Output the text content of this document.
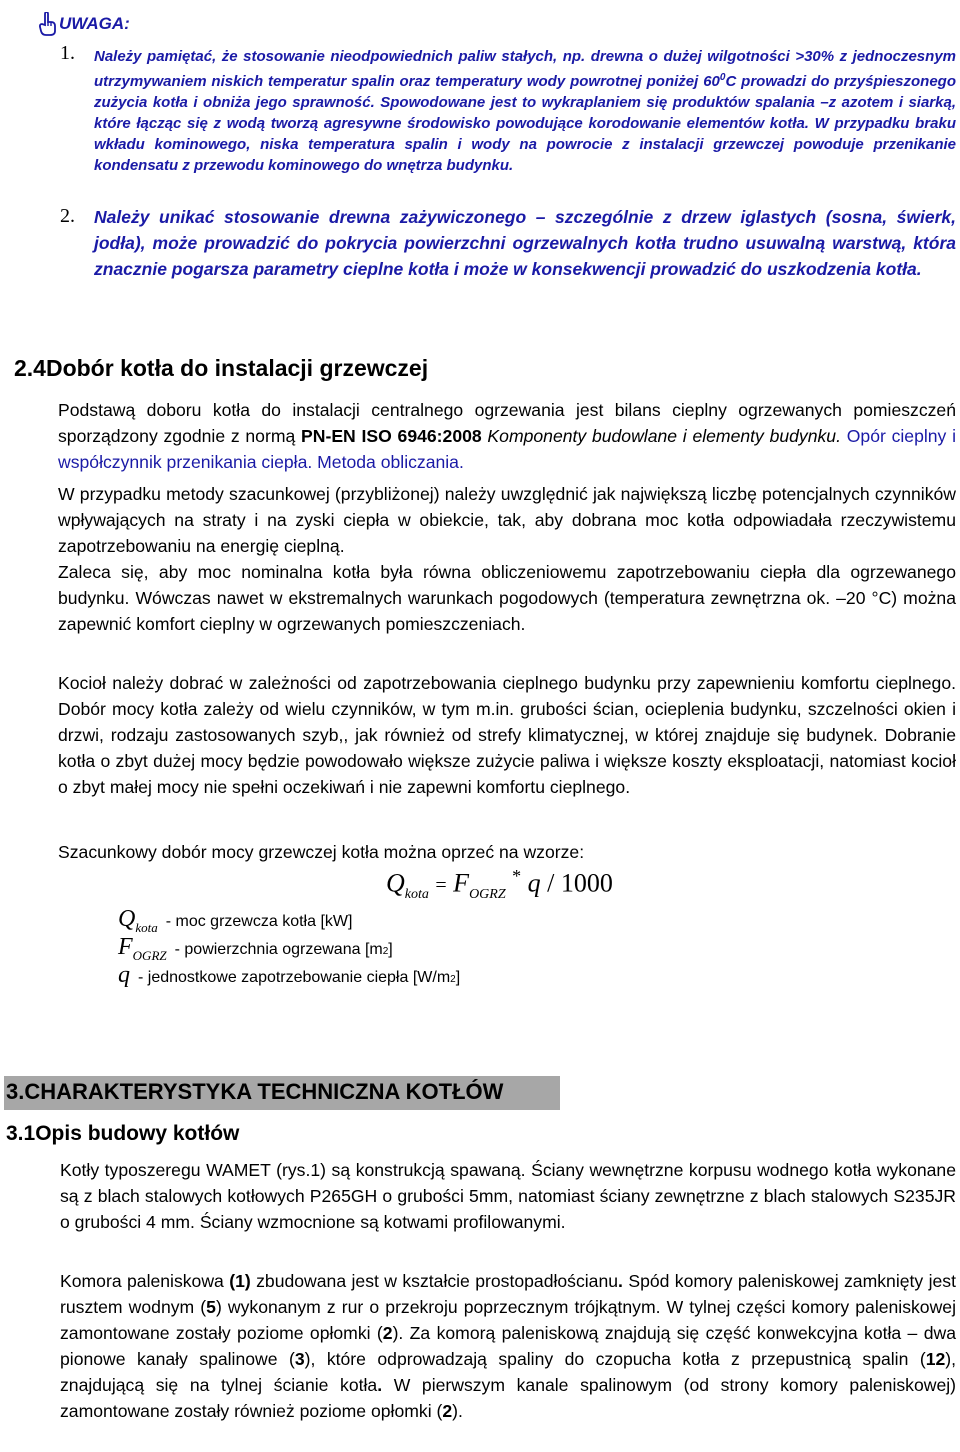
UWAGA:
1. Należy pamiętać, że stosowanie nieodpowiednich paliw stałych, np. drewna o dużej wilgotności >30% z jednoczesnym utrzymywaniem niskich temperatur spalin oraz temperatury wody powrotnej poniżej $60^0C$ prowadzi do przyśpieszonego zużycia kotła i obniża jego sprawność. Spowodowane jest to wykraplaniem się produktów spalania –z azotem i siarką, które łącząc się z wodą tworzą agresywne środowisko powodujące korodowanie elementów kotła. W przypadku braku wkładu kominowego, niska temperatura spalin i wody na powrocie z instalacji grzewczej powoduje przenikanie kondensatu z przewodu kominowego do wnętrza budynku.
2. Należy unikać stosowanie drewna zażywiczonego – szczególnie z drzew iglastych (sosna, świerk, jodła), może prowadzić do pokrycia powierzchni ogrzewalnych kotła trudno usuwalną warstwą, która znacznie pogarsza parametry cieplne kotła i może w konsekwencji prowadzić do uszkodzenia kotła.
2.4Dobór kotła do instalacji grzewczej
Podstawą doboru kotła do instalacji centralnego ogrzewania jest bilans cieplny ogrzewanych pomieszczeń sporządzony zgodnie z normą PN-EN ISO 6946:2008 Komponenty budowlane i elementy budynku. Opór cieplny i współczynnik przenikania ciepła. Metoda obliczania.
W przypadku metody szacunkowej (przybliżonej) należy uwzględnić jak największą liczbę potencjalnych czynników wpływających na straty i na zyski ciepła w obiekcie, tak, aby dobrana moc kotła odpowiadała rzeczywistemu zapotrzebowaniu na energię cieplną.
Zaleca się, aby moc nominalna kotła była równa obliczeniowemu zapotrzebowaniu ciepła dla ogrzewanego budynku. Wówczas nawet w ekstremalnych warunkach pogodowych (temperatura zewnętrzna ok. –20 °C) można zapewnić komfort cieplny w ogrzewanych pomieszczeniach.
Kocioł należy dobrać w zależności od zapotrzebowania cieplnego budynku przy zapewnieniu komfortu cieplnego. Dobór mocy kotła zależy od wielu czynników, w tym m.in. grubości ścian, ocieplenia budynku, szczelności okien i drzwi, rodzaju zastosowanych szyb,, jak również od strefy klimatycznej, w której znajduje się budynek. Dobranie kotła o zbyt dużej mocy będzie powodowało większe zużycie paliwa i większe koszty eksploatacji, natomiast kocioł o zbyt małej mocy nie spełni oczekiwań i nie zapewni komfortu cieplnego.
Szacunkowy dobór mocy grzewczej kotła można oprzeć na wzorze:
$Q_{kota} = F_{OGRZ}$ * q / 1000
$Q_{kota}$ - moc grzewcza kotła [kW]
$F_{OGRZ}$ - powierzchnia ogrzewana [m 2 ]
q - jednostkowe zapotrzebowanie ciepła [W/m 2 ]
3.CHARAKTERYSTYKA TECHNICZNA KOTŁÓW
3.1Opis budowy kotłów
Kotły typoszeregu WAMET (rys.1) są konstrukcją spawaną. Ściany wewnętrzne korpusu wodnego kotła wykonane są z blach stalowych kotłowych P265GH o grubości 5mm, natomiast ściany zewnętrzne z blach stalowych S235JR o grubości 4 mm. Ściany wzmocnione są kotwami profilowanymi.
Komora paleniskowa (1) zbudowana jest w kształcie prostopadłościanu. Spód komory paleniskowej zamknięty jest rusztem wodnym (5) wykonanym z rur o przekroju poprzecznym trójkątnym. W tylnej części komory paleniskowej zamontowane zostały poziome opłomki (2). Za komorą paleniskową znajdują się część konwekcyjna kotła – dwa pionowe kanały spalinowe (3), które odprowadzają spaliny do czopucha kotła z przepustnicą spalin (12), znajdującą się na tylnej ścianie kotła. W pierwszym kanale spalinowym (od strony komory paleniskowej) zamontowane zostały również poziome opłomki (2).
